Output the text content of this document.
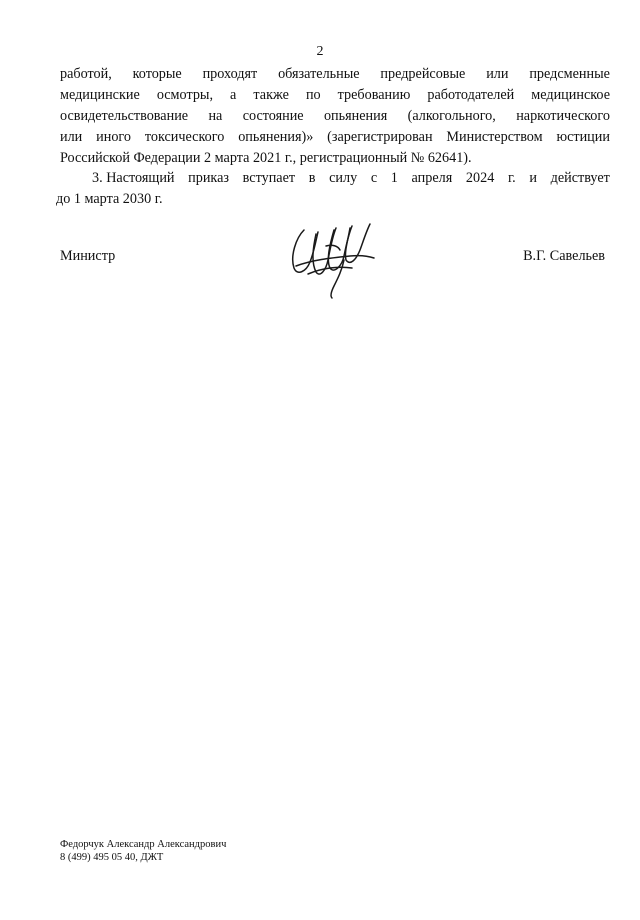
2
работой, которые проходят обязательные предрейсовые или предсменные
медицинские осмотры, а также по требованию работодателей медицинское
освидетельствование на состояние опьянения (алкогольного, наркотического
или иного токсического опьянения)» (зарегистрирован Министерством юстиции
Российской Федерации 2 марта 2021 г., регистрационный № 62641).
3. Настоящий приказ вступает в силу с 1 апреля 2024 г. и действует
до 1 марта 2030 г.
Министр	В.Г. Савельев
Федорчук Александр Александрович
8 (499) 495 05 40, ДЖТ
